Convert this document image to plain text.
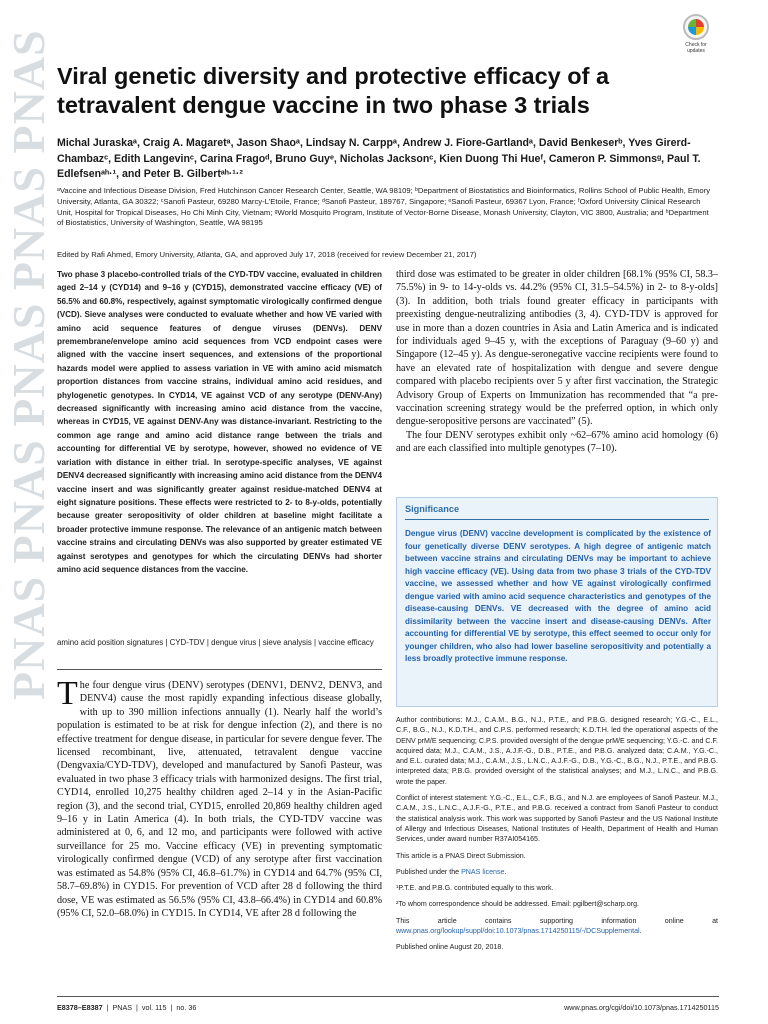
PNAS PNAS PNAS PNAS PNAS	Check for updates
Viral genetic diversity and protective efficacy of a tetravalent dengue vaccine in two phase 3 trials
Michal Juraskaᵃ, Craig A. Magaretᵃ, Jason Shaoᵃ, Lindsay N. Carppᵃ, Andrew J. Fiore-Gartlandᵃ, David Benkeserᵇ, Yves Girerd-Chambazᶜ, Edith Langevinᶜ, Carina Fragoᵈ, Bruno Guyᵉ, Nicholas Jacksonᶜ, Kien Duong Thi Hueᶠ, Cameron P. Simmonsᵍ, Paul T. Edlefsenᵃʰ·¹, and Peter B. Gilbertᵃʰ·¹·²
ᵃVaccine and Infectious Disease Division, Fred Hutchinson Cancer Research Center, Seattle, WA 98109; ᵇDepartment of Biostatistics and Bioinformatics, Rollins School of Public Health, Emory University, Atlanta, GA 30322; ᶜSanofi Pasteur, 69280 Marcy-L’Etoile, France; ᵈSanofi Pasteur, 189767, Singapore; ᵉSanofi Pasteur, 69367 Lyon, France; ᶠOxford University Clinical Research Unit, Hospital for Tropical Diseases, Ho Chi Minh City, Vietnam; ᵍWorld Mosquito Program, Institute of Vector-Borne Disease, Monash University, Clayton, VIC 3800, Australia; and ʰDepartment of Biostatistics, University of Washington, Seattle, WA 98195
Edited by Rafi Ahmed, Emory University, Atlanta, GA, and approved July 17, 2018 (received for review December 21, 2017)
Two phase 3 placebo-controlled trials of the CYD-TDV vaccine, evaluated in children aged 2–14 y (CYD14) and 9–16 y (CYD15), demonstrated vaccine efficacy (VE) of 56.5% and 60.8%, respectively, against symptomatic virologically confirmed dengue (VCD). Sieve analyses were conducted to evaluate whether and how VE varied with amino acid sequence features of dengue viruses (DENVs). DENV premembrane/envelope amino acid sequences from VCD endpoint cases were aligned with the vaccine insert sequences, and extensions of the proportional hazards model were applied to assess variation in VE with amino acid mismatch proportion distances from vaccine strains, individual amino acid residues, and phylogenetic genotypes. In CYD14, VE against VCD of any serotype (DENV-Any) decreased significantly with increasing amino acid distance from the vaccine, whereas in CYD15, VE against DENV-Any was distance-invariant. Restricting to the common age range and amino acid distance range between the trials and accounting for differential VE by serotype, however, showed no evidence of VE variation with distance in either trial. In serotype-specific analyses, VE against DENV4 decreased significantly with increasing amino acid distance from the DENV4 vaccine insert and was significantly greater against residue-matched DENV4 at eight signature positions. These effects were restricted to 2- to 8-y-olds, potentially because greater seropositivity of older children at baseline might facilitate a broader protective immune response. The relevance of an antigenic match between vaccine strains and circulating DENVs was also supported by greater estimated VE against serotypes and genotypes for which the circulating DENVs had shorter amino acid sequence distances from the vaccine.
amino acid position signatures | CYD-TDV | dengue virus | sieve analysis | vaccine efficacy
The four dengue virus (DENV) serotypes (DENV1, DENV2, DENV3, and DENV4) cause the most rapidly expanding infectious disease globally, with up to 390 million infections annually (1). Nearly half the world’s population is estimated to be at risk for dengue infection (2), and there is no effective treatment for dengue disease, in particular for severe dengue fever. The licensed recombinant, live, attenuated, tetravalent dengue vaccine (Dengvaxia/CYD-TDV), developed and manufactured by Sanofi Pasteur, was evaluated in two phase 3 efficacy trials with harmonized designs. The first trial, CYD14, enrolled 10,275 healthy children aged 2–14 y in the Asian-Pacific region (3), and the second trial, CYD15, enrolled 20,869 healthy children aged 9–16 y in Latin America (4). In both trials, the CYD-TDV vaccine was administered at 0, 6, and 12 mo, and participants were followed with active surveillance for 25 mo. Vaccine efficacy (VE) in preventing symptomatic virologically confirmed dengue (VCD) of any serotype after first vaccination was estimated as 54.8% (95% CI, 46.8–61.7%) in CYD14 and 64.7% (95% CI, 58.7–69.8%) in CYD15. For prevention of VCD after 28 d following the third dose, VE was estimated as 56.5% (95% CI, 43.8–66.4%) in CYD14 and 60.8% (95% CI, 52.0–68.0%) in CYD15. In CYD14, VE after 28 d following the

third dose was estimated to be greater in older children [68.1% (95% CI, 58.3–75.5%) in 9- to 14-y-olds vs. 44.2% (95% CI, 31.5–54.5%) in 2- to 8-y-olds] (3). In addition, both trials found greater efficacy in participants with preexisting dengue-neutralizing antibodies (3, 4). CYD-TDV is approved for use in more than a dozen countries in Asia and Latin America and is indicated for individuals aged 9–45 y, with the exceptions of Paraguay (9–60 y) and Singapore (12–45 y). As dengue-seronegative vaccine recipients were found to have an elevated rate of hospitalization with dengue and severe dengue compared with placebo recipients over 5 y after first vaccination, the Strategic Advisory Group of Experts on Immunization has recommended that “a pre-vaccination screening strategy would be the preferred option, in which only dengue-seropositive persons are vaccinated” (5).

The four DENV serotypes exhibit only ~62–67% amino acid homology (6) and are each classified into multiple genotypes (7–10).

Significance
Dengue virus (DENV) vaccine development is complicated by the existence of four genetically diverse DENV serotypes. A high degree of antigenic match between vaccine strains and circulating DENVs may be important to achieve high vaccine efficacy (VE). Using data from two phase 3 trials of the CYD-TDV vaccine, we assessed whether and how VE against virologically confirmed dengue varied with amino acid sequence characteristics and genotypes of the disease-causing DENVs. VE decreased with the degree of amino acid dissimilarity between the vaccine insert and disease-causing DENVs. After accounting for differential VE by serotype, this effect seemed to occur only for younger children, who also had lower baseline seropositivity and potentially a less broadly protective immune response.

Author contributions: M.J., C.A.M., B.G., N.J., P.T.E., and P.B.G. designed research; Y.G.-C., E.L., C.F., B.G., N.J., K.D.T.H., and C.P.S. performed research; K.D.T.H. led the operational aspects of the DENV prM/E sequencing; C.P.S. provided oversight of the dengue prM/E sequencing; Y.G.-C. and C.F. acquired data; M.J., C.A.M., J.S., A.J.F.-G., D.B., P.T.E., and P.B.G. analyzed data; C.A.M., Y.G.-C., and E.L. curated data; M.J., C.A.M., J.S., L.N.C., A.J.F.-G., D.B., Y.G.-C., B.G., N.J., P.T.E., and P.B.G. interpreted data; P.B.G. provided oversight of the statistical analyses; and M.J., L.N.C., and P.B.G. wrote the paper.

Conflict of interest statement: Y.G.-C., E.L., C.F., B.G., and N.J. are employees of Sanofi Pasteur. M.J., C.A.M., J.S., L.N.C., A.J.F.-G., P.T.E., and P.B.G. received a contract from Sanofi Pasteur to conduct the statistical analysis work. This work was supported by Sanofi Pasteur and the US National Institute of Allergy and Infectious Diseases, National Institutes of Health, Department of Health and Human Services, under award number R37AI054165.

This article is a PNAS Direct Submission.

Published under the PNAS license.

¹P.T.E. and P.B.G. contributed equally to this work.

²To whom correspondence should be addressed. Email: pgilbert@scharp.org.

This article contains supporting information online at www.pnas.org/lookup/suppl/doi:10.1073/pnas.1714250115/-/DCSupplemental.

Published online August 20, 2018.

E8378–E8387 | PNAS | vol. 115 | no. 36	www.pnas.org/cgi/doi/10.1073/pnas.1714250115
